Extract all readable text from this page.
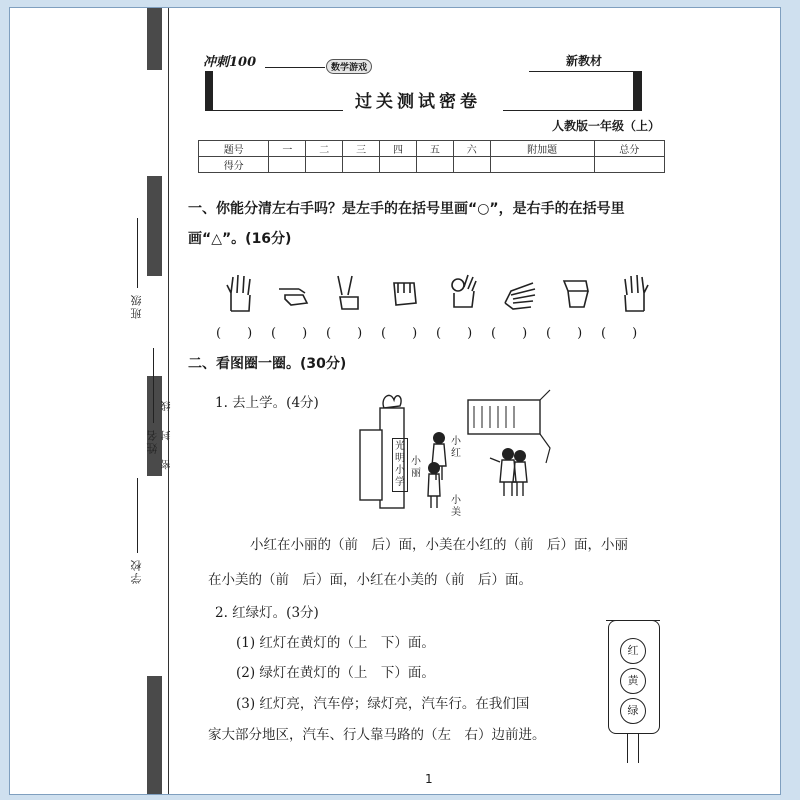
班级
姓名 密 封 线
学校
冲刺100	数学游戏
过关测试密卷
新教材
人教版一年级（上）
题号	一	二	三	四	五	六	附加题	总分
得分								
一、你能分清左右手吗？是左手的在括号里画“○”，是右手的在括号里
画“△”。(16分)
(　　) (　　) (　　) (　　) (　　) (　　) (　　) (　　)
二、看图圈一圈。(30分)
1. 去上学。(4分)
光明小学
小红
小丽
小美
小红在小丽的（前　后）面，小美在小红的（前　后）面，小丽
在小美的（前　后）面，小红在小美的（前　后）面。
2. 红绿灯。(3分)
(1) 红灯在黄灯的（上　下）面。
(2) 绿灯在黄灯的（上　下）面。
(3) 红灯亮，汽车停；绿灯亮，汽车行。在我们国
家大部分地区，汽车、行人靠马路的（左　右）边前进。
红
黄
绿
1
